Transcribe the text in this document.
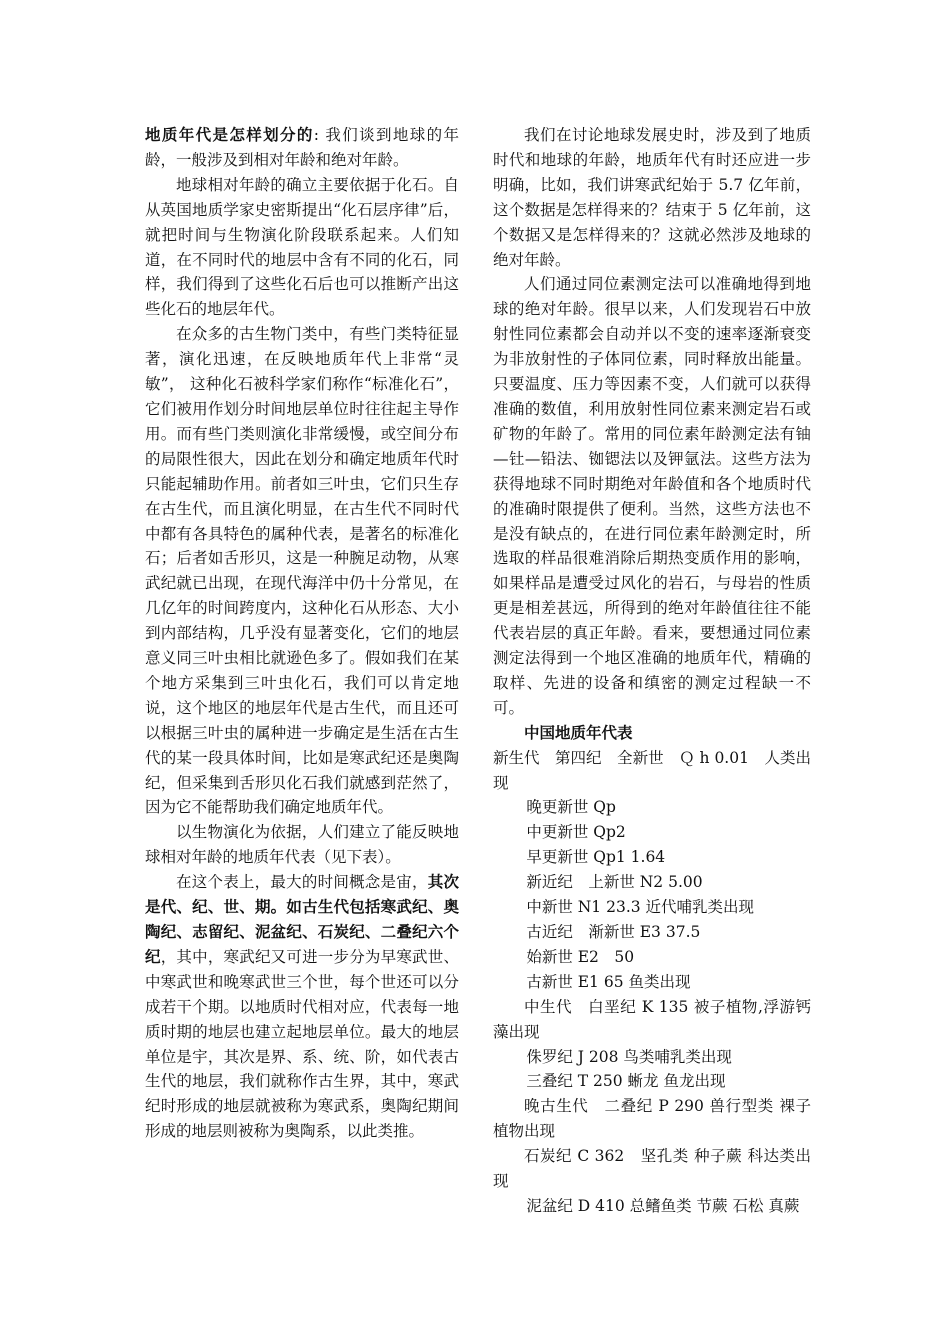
地质年代是怎样划分的: 我们谈到地球的年龄，一般涉及到相对年龄和绝对年龄。

地球相对年龄的确立主要依据于化石。自从英国地质学家史密斯提出“化石层序律”后，就把时间与生物演化阶段联系起来。人们知道，在不同时代的地层中含有不同的化石，同样，我们得到了这些化石后也可以推断产出这些化石的地层年代。

在众多的古生物门类中，有些门类特征显著，演化迅速，在反映地质年代上非常“灵敏”， 这种化石被科学家们称作“标准化石”，它们被用作划分时间地层单位时往往起主导作用。而有些门类则演化非常缓慢，或空间分布的局限性很大，因此在划分和确定地质年代时只能起辅助作用。前者如三叶虫，它们只生存在古生代，而且演化明显，在古生代不同时代中都有各具特色的属种代表，是著名的标准化石；后者如舌形贝，这是一种腕足动物，从寒武纪就已出现，在现代海洋中仍十分常见，在几亿年的时间跨度内，这种化石从形态、大小到内部结构，几乎没有显著变化，它们的地层意义同三叶虫相比就逊色多了。假如我们在某个地方采集到三叶虫化石，我们可以肯定地说，这个地区的地层年代是古生代，而且还可以根据三叶虫的属种进一步确定是生活在古生代的某一段具体时间，比如是寒武纪还是奥陶纪，但采集到舌形贝化石我们就感到茫然了，因为它不能帮助我们确定地质年代。

以生物演化为依据，人们建立了能反映地球相对年龄的地质年代表（见下表）。

在这个表上，最大的时间概念是宙，其次是代、纪、世、期。如古生代包括寒武纪、奥陶纪、志留纪、泥盆纪、石炭纪、二叠纪六个纪，其中，寒武纪又可进一步分为早寒武世、中寒武世和晚寒武世三个世，每个世还可以分成若干个期。以地质时代相对应，代表每一地质时期的地层也建立起地层单位。最大的地层单位是宇，其次是界、系、统、阶，如代表古生代的地层，我们就称作古生界，其中，寒武纪时形成的地层就被称为寒武系，奥陶纪期间形成的地层则被称为奥陶系，以此类推。

我们在讨论地球发展史时，涉及到了地质时代和地球的年龄，地质年代有时还应进一步明确，比如，我们讲寒武纪始于 5.7 亿年前，这个数据是怎样得来的？结束于 5 亿年前，这个数据又是怎样得来的？这就必然涉及地球的绝对年龄。

人们通过同位素测定法可以准确地得到地球的绝对年龄。很早以来，人们发现岩石中放射性同位素都会自动并以不变的速率逐渐衰变为非放射性的子体同位素，同时释放出能量。只要温度、压力等因素不变，人们就可以获得准确的数值，利用放射性同位素来测定岩石或矿物的年龄了。常用的同位素年龄测定法有铀—钍—铅法、铷锶法以及钾氩法。这些方法为获得地球不同时期绝对年龄值和各个地质时代的准确时限提供了便利。当然，这些方法也不是没有缺点的，在进行同位素年龄测定时，所选取的样品很难消除后期热变质作用的影响，如果样品是遭受过风化的岩石，与母岩的性质更是相差甚远，所得到的绝对年龄值往往不能代表岩层的真正年龄。看来，要想通过同位素测定法得到一个地区准确的地质年代，精确的取样、先进的设备和缜密的测定过程缺一不可。

中国地质年代表

新生代　第四纪　全新世　Ｑ h 0.01　人类出现

晚更新世 Qp

中更新世 Qp2

早更新世 Qp1 1.64

新近纪　上新世 N2 5.00

中新世 N1 23.3 近代哺乳类出现

古近纪　渐新世 E3 37.5

始新世 E2　50

古新世 E1 65 鱼类出现

中生代　白垩纪 K 135 被子植物,浮游钙藻出现

侏罗纪 J 208 鸟类哺乳类出现

三叠纪 T 250 蜥龙 鱼龙出现

晚古生代　二叠纪 P 290 兽行型类 裸子植物出现

石炭纪 C 362　坚孔类 种子蕨 科达类出现

泥盆纪 D 410 总鳍鱼类 节蕨 石松 真蕨
